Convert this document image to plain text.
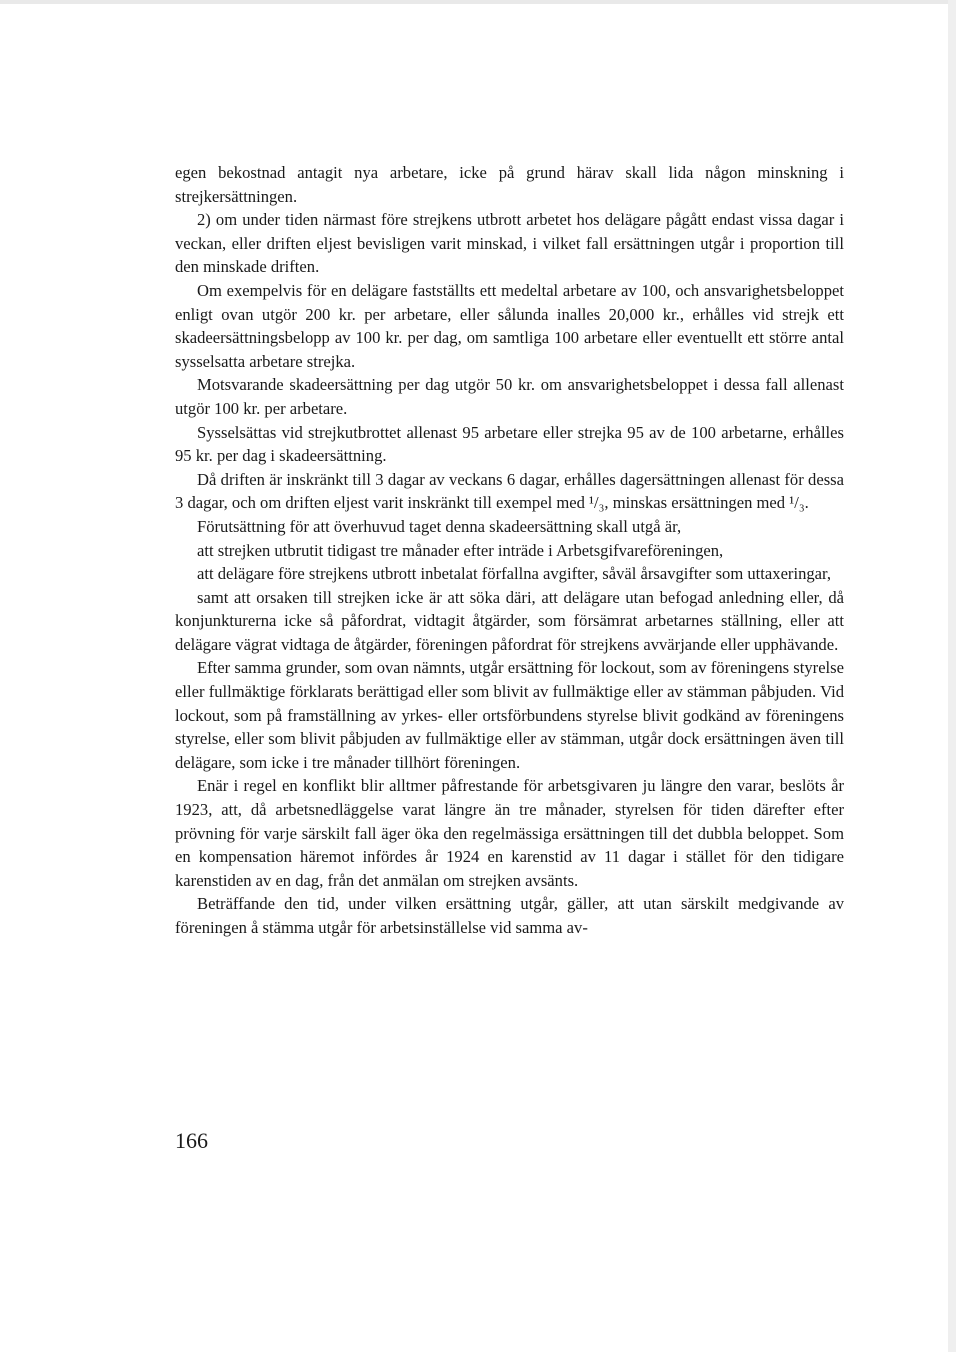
egen bekostnad antagit nya arbetare, icke på grund härav skall lida någon minskning i strejkersättningen.

2) om under tiden närmast före strejkens utbrott arbetet hos delägare pågått endast vissa dagar i veckan, eller driften eljest bevisligen varit minskad, i vilket fall ersättningen utgår i proportion till den minskade driften.

Om exempelvis för en delägare fastställts ett medeltal arbetare av 100, och ansvarighetsbeloppet enligt ovan utgör 200 kr. per arbetare, eller sålunda inalles 20,000 kr., erhålles vid strejk ett skadeersättningsbelopp av 100 kr. per dag, om samtliga 100 arbetare eller eventuellt ett större antal sysselsatta arbetare strejka.

Motsvarande skadeersättning per dag utgör 50 kr. om ansvarighetsbeloppet i dessa fall allenast utgör 100 kr. per arbetare.

Sysselsättas vid strejkutbrottet allenast 95 arbetare eller strejka 95 av de 100 arbetarne, erhålles 95 kr. per dag i skadeersättning.

Då driften är inskränkt till 3 dagar av veckans 6 dagar, erhålles dagersättningen allenast för dessa 3 dagar, och om driften eljest varit inskränkt till exempel med ¹/₃, minskas ersättningen med ¹/₃.

Förutsättning för att överhuvud taget denna skadeersättning skall utgå är,

att strejken utbrutit tidigast tre månader efter inträde i Arbetsgifvareföreningen,

att delägare före strejkens utbrott inbetalat förfallna avgifter, såväl årsavgifter som uttaxeringar,

samt att orsaken till strejken icke är att söka däri, att delägare utan befogad anledning eller, då konjunkturerna icke så påfordrat, vidtagit åtgärder, som försämrat arbetarnes ställning, eller att delägare vägrat vidtaga de åtgärder, föreningen påfordrat för strejkens avvärjande eller upphävande.

Efter samma grunder, som ovan nämnts, utgår ersättning för lockout, som av föreningens styrelse eller fullmäktige förklarats berättigad eller som blivit av fullmäktige eller av stämman påbjuden. Vid lockout, som på framställning av yrkes- eller ortsförbundens styrelse blivit godkänd av föreningens styrelse, eller som blivit påbjuden av fullmäktige eller av stämman, utgår dock ersättningen även till delägare, som icke i tre månader tillhört föreningen.

Enär i regel en konflikt blir alltmer påfrestande för arbetsgivaren ju längre den varar, beslöts år 1923, att, då arbetsnedläggelse varat längre än tre månader, styrelsen för tiden därefter efter prövning för varje särskilt fall äger öka den regelmässiga ersättningen till det dubbla beloppet. Som en kompensation häremot infördes år 1924 en karenstid av 11 dagar i stället för den tidigare karenstiden av en dag, från det anmälan om strejken avsänts.

Beträffande den tid, under vilken ersättning utgår, gäller, att utan särskilt medgivande av föreningen å stämma utgår för arbetsinställelse vid samma av-

166
